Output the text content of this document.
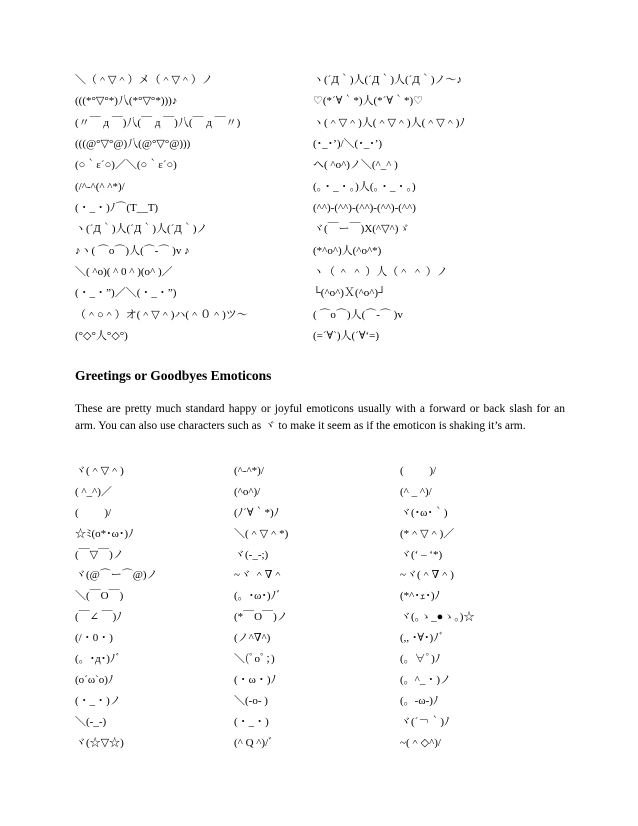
＼（＾▽＾）メ（＾▽＾）ノ
(((*°▽°*)八(*°▽°*)))♪
(〃￣ д ￣)八(￣ д ￣)八(￣ д ￣〃)
(((@°▽°@)八(@°▽°@)))
(○｀ε´○)／＼(○｀ε´○)
(/^-^(^ ^*)/
(・_・)ﾉ⌒(T__T)
ヽ(´Д｀)人(´Д｀)人(´Д｀)ノ
♪ヽ( ⌒o⌒)人(⌒-⌒ )v ♪
＼( ^o)( ^ 0 ^ )(o^ )／
(・_・”)／＼(・_・”)
（＾○＾）オ(＾▽＾)ハ(＾０＾)ツ〜
(°◇°人°◇°)
ヽ(´Д｀)人(´Д｀)人(´Д｀)ノ〜♪
♡(*´∀｀*)人(*´∀｀*)♡
ヽ(＾▽＾)人(＾▽＾)人(＾▽＾)ﾉ
(･_･’)/＼(･_･’)
ヘ( ^o^)ノ＼(^_^ )
(。・_・。)人(。・_・。)
(^^)-(^^)-(^^)-(^^)-(^^)
ヾ(￣ー￣)X(^▽^)ゞ
(*^o^)人(^o^*)
ヽ（ ＾ ＾ ）人（＾ ＾ ）ノ
└(^o^)Ｘ(^o^)┘
( ⌒o⌒)人(⌒-⌒ )v
(=´∀`)人(´∀‘=)
Greetings or Goodbyes Emoticons
These are pretty much standard happy or joyful emoticons usually with a forward or back slash for an arm. You can also use characters such as ヾ to make it seem as if the emoticon is shaking it’s arm.
ヾ(＾▽＾)
( ^_^)／
(ﾟ▽ﾟ)/
☆ﾐ(o*･ω･)ﾉ
(￣▽￣)ノ
ヾ(@⌒ー⌒@)ノ
＼(￣O￣)
(￣∠ ￣)ﾉ
(/・0・)
(。･д･)ﾉﾞ
(o´ω`o)ﾉ
(・_・)ノ
＼(-_-)
ヾ(☆▽☆)
(^-^*)/
(^o^)/
(ﾉ´∀｀*)ﾉ
＼(＾▽＾*)
ヾ(-_-;)
~ヾ ＾∇＾
(。･ω･)ﾉﾞ
(*￣O￣)ノ
(ノ^∇^)
＼(ﾟoﾟ；)
(・ω・)ﾉ
＼(-o- )
(・_・)
(^ Q ^)/ﾞ
(ﾟ▽ﾟ)/
(^ _ ^)/
ヾ(･ω･｀)
(*＾▽＾)／
ヾ(‘ – ‘*)
~ヾ(＾∇＾)
(*^･ｪ･)ﾉ
ヾ(｡ゝ_●ゝ｡)☆
(,, ･∀･)ﾉﾞ
(。∀ﾟ)ﾉ
(。^_・)ノ
(。-ω-)ﾉ
ヾ(´￢｀)ﾉ
~(＾◇^)/
